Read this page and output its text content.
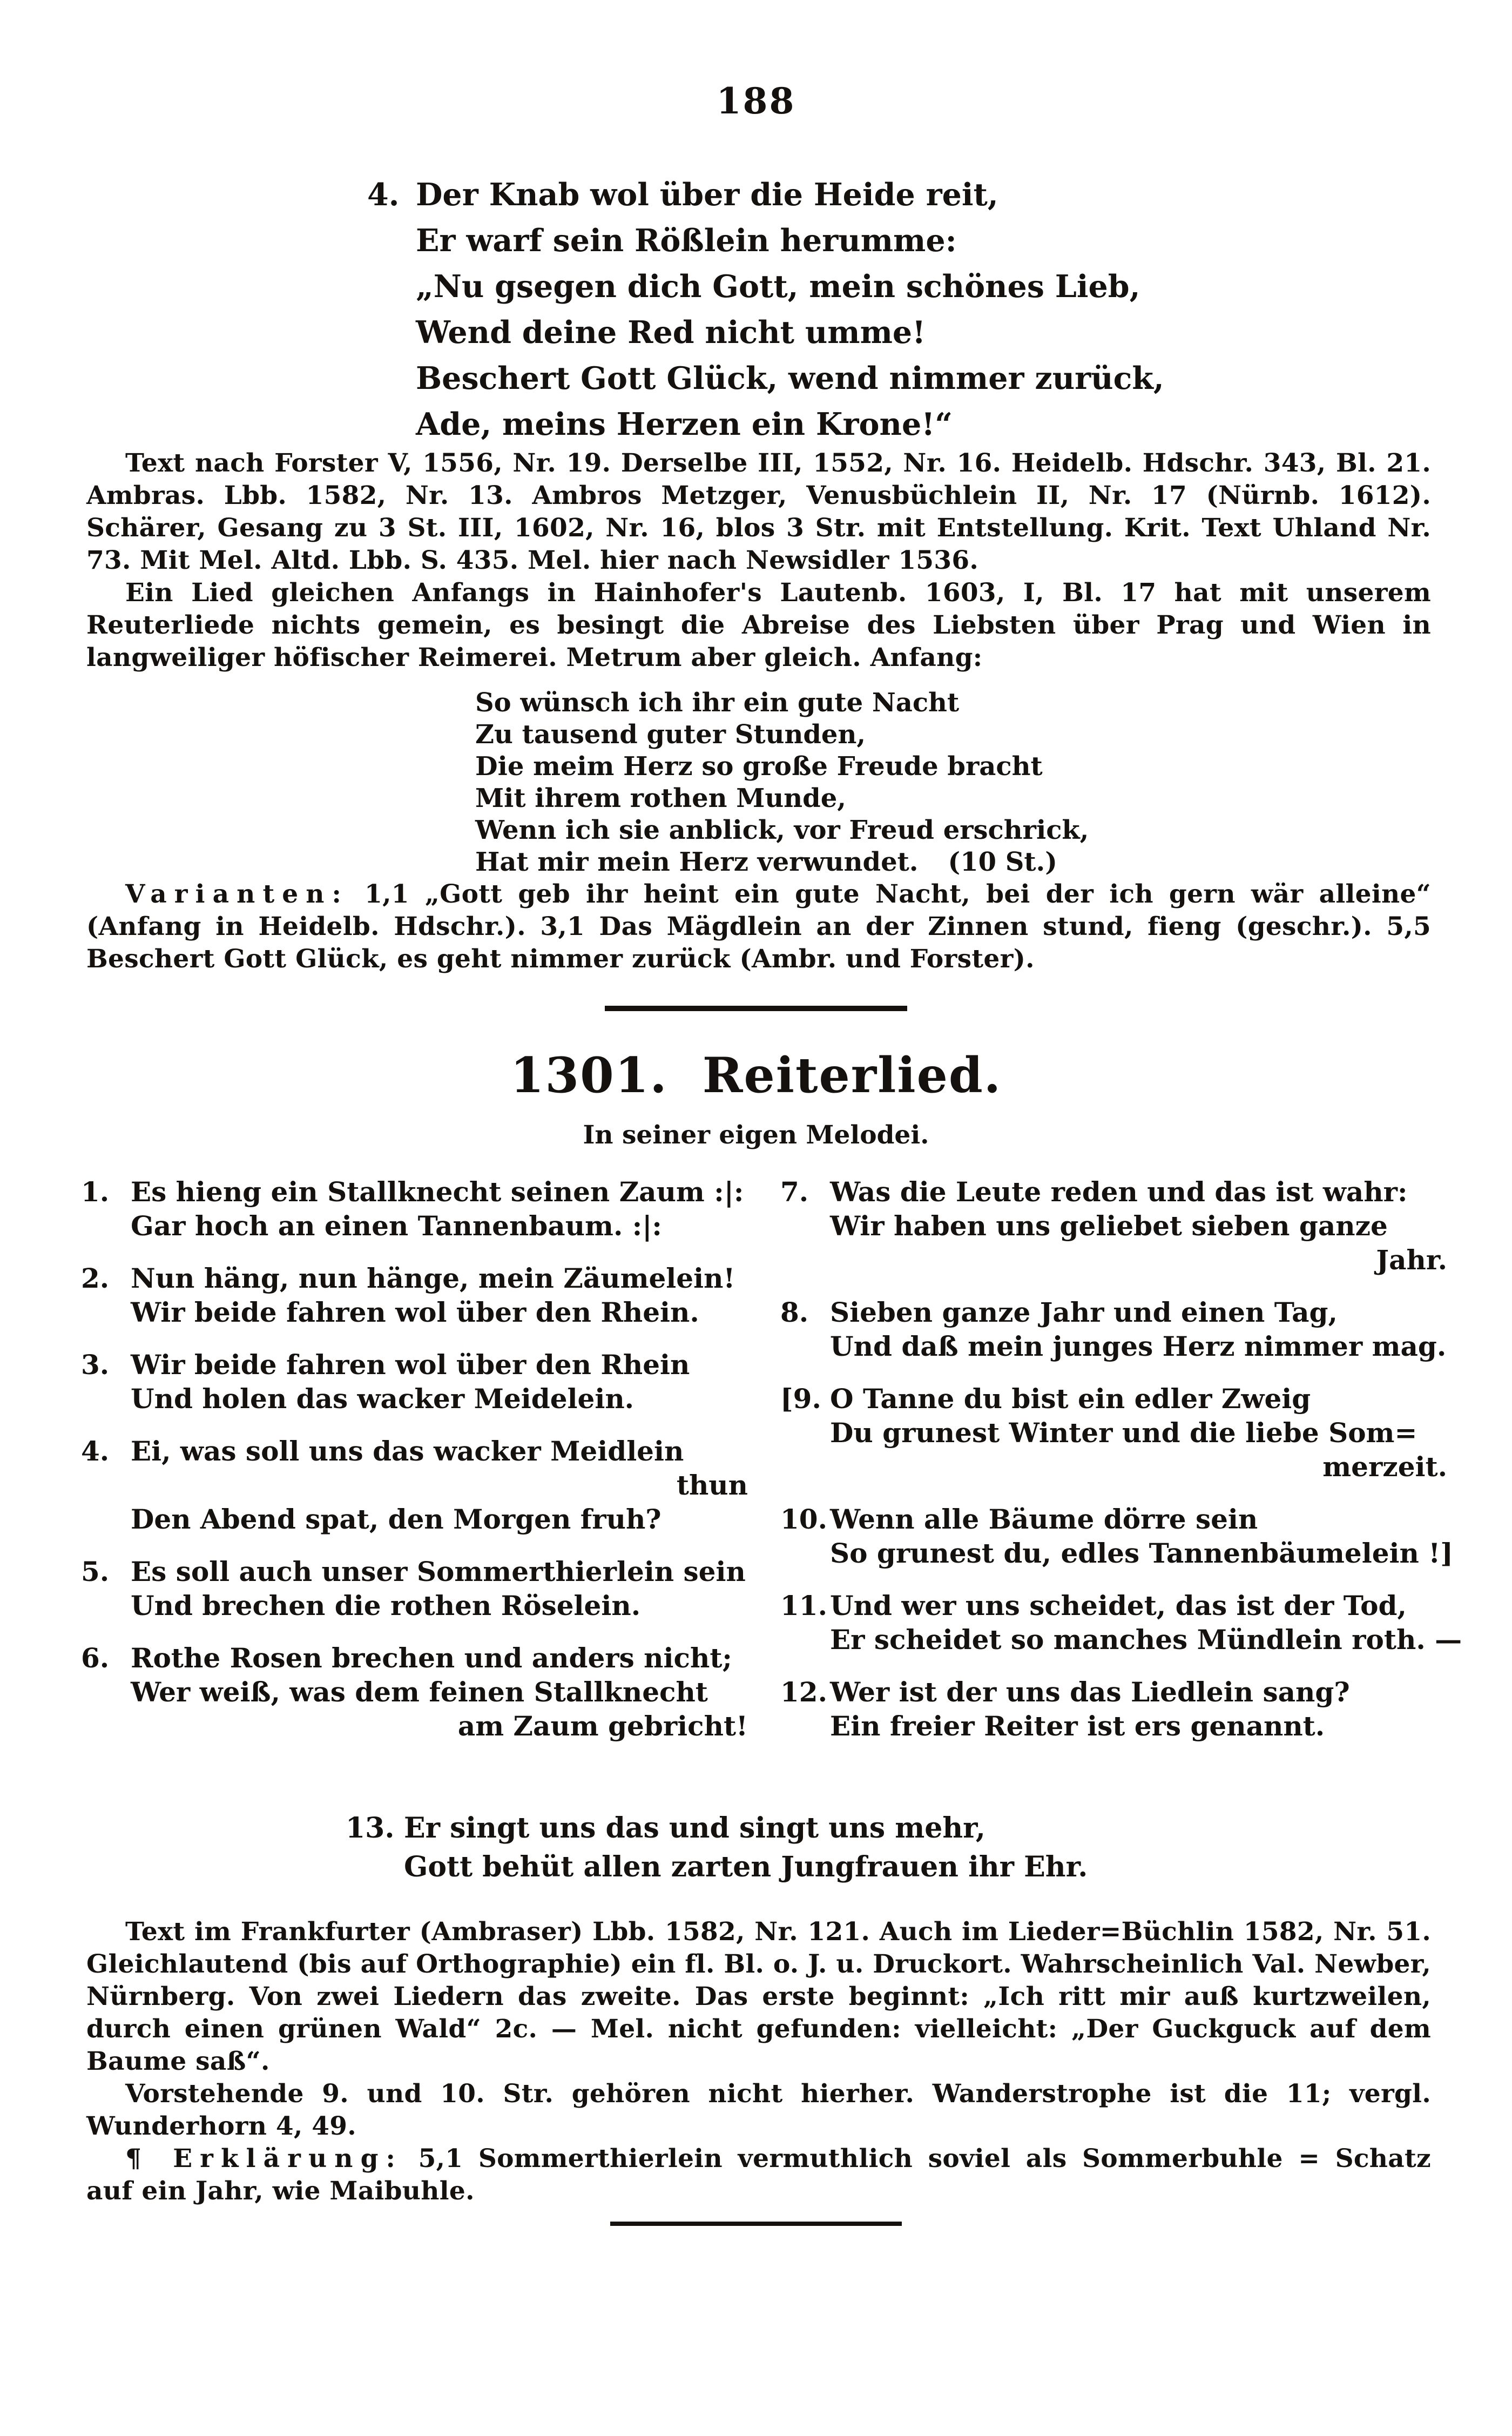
188
4. Der Knab wol über die Heide reit,
Er warf sein Rößlein herumme:
„Nu gsegen dich Gott, mein schönes Lieb,
Wend deine Red nicht umme!
Beschert Gott Glück, wend nimmer zurück,
Ade, meins Herzen ein Krone!“

Text nach Forster V, 1556, Nr. 19. Derselbe III, 1552, Nr. 16. Heidelb. Hdschr. 343, Bl. 21. Ambras. Lbb. 1582, Nr. 13. Ambros Metzger, Venusbüchlein II, Nr. 17 (Nürnb. 1612). Schärer, Gesang zu 3 St. III, 1602, Nr. 16, blos 3 Str. mit Entstellung. Krit. Text Uhland Nr. 73. Mit Mel. Altd. Lbb. S. 435. Mel. hier nach Newsidler 1536.

Ein Lied gleichen Anfangs in Hainhofer's Lautenb. 1603, I, Bl. 17 hat mit unserem Reuterliede nichts gemein, es besingt die Abreise des Liebsten über Prag und Wien in langweiliger höfischer Reimerei. Metrum aber gleich. Anfang:

So wünsch ich ihr ein gute Nacht
Zu tausend guter Stunden,
Die meim Herz so große Freude bracht
Mit ihrem rothen Munde,
Wenn ich sie anblick, vor Freud erschrick,
Hat mir mein Herz verwundet. (10 St.)

Varianten: 1,1 „Gott geb ihr heint ein gute Nacht, bei der ich gern wär alleine“ (Anfang in Heidelb. Hdschr.). 3,1 Das Mägdlein an der Zinnen stund, fieng (geschr.). 5,5 Beschert Gott Glück, es geht nimmer zurück (Ambr. und Forster).

1301. Reiterlied.
In seiner eigen Melodei.
1. Es hieng ein Stallknecht seinen Zaum :|:
Gar hoch an einen Tannenbaum. :|:
2. Nun häng, nun hänge, mein Zäumelein!
Wir beide fahren wol über den Rhein.
3. Wir beide fahren wol über den Rhein
Und holen das wacker Meidelein.
4. Ei, was soll uns das wacker Meidlein
thun
Den Abend spat, den Morgen fruh?
5. Es soll auch unser Sommerthierlein sein
Und brechen die rothen Röselein.
6. Rothe Rosen brechen und anders nicht;
Wer weiß, was dem feinen Stallknecht
am Zaum gebricht!
7. Was die Leute reden und das ist wahr:
Wir haben uns geliebet sieben ganze
Jahr.
8. Sieben ganze Jahr und einen Tag,
Und daß mein junges Herz nimmer mag.
[9. O Tanne du bist ein edler Zweig
Du grunest Winter und die liebe Som=
merzeit.
10. Wenn alle Bäume dörre sein
So grunest du, edles Tannenbäumelein !]
11. Und wer uns scheidet, das ist der Tod,
Er scheidet so manches Mündlein roth. —
12. Wer ist der uns das Liedlein sang?
Ein freier Reiter ist ers genannt.
13. Er singt uns das und singt uns mehr,
Gott behüt allen zarten Jungfrauen ihr Ehr.

Text im Frankfurter (Ambraser) Lbb. 1582, Nr. 121. Auch im Lieder=Büchlin 1582, Nr. 51. Gleichlautend (bis auf Orthographie) ein fl. Bl. o. J. u. Druckort. Wahrscheinlich Val. Newber, Nürnberg. Von zwei Liedern das zweite. Das erste beginnt: „Ich ritt mir auß kurtzweilen, durch einen grünen Wald“ 2c. — Mel. nicht gefunden: vielleicht: „Der Guckguck auf dem Baume saß“.

Vorstehende 9. und 10. Str. gehören nicht hierher. Wanderstrophe ist die 11; vergl. Wunderhorn 4, 49.

¶ Erklärung: 5,1 Sommerthierlein vermuthlich soviel als Sommerbuhle = Schatz auf ein Jahr, wie Maibuhle.
